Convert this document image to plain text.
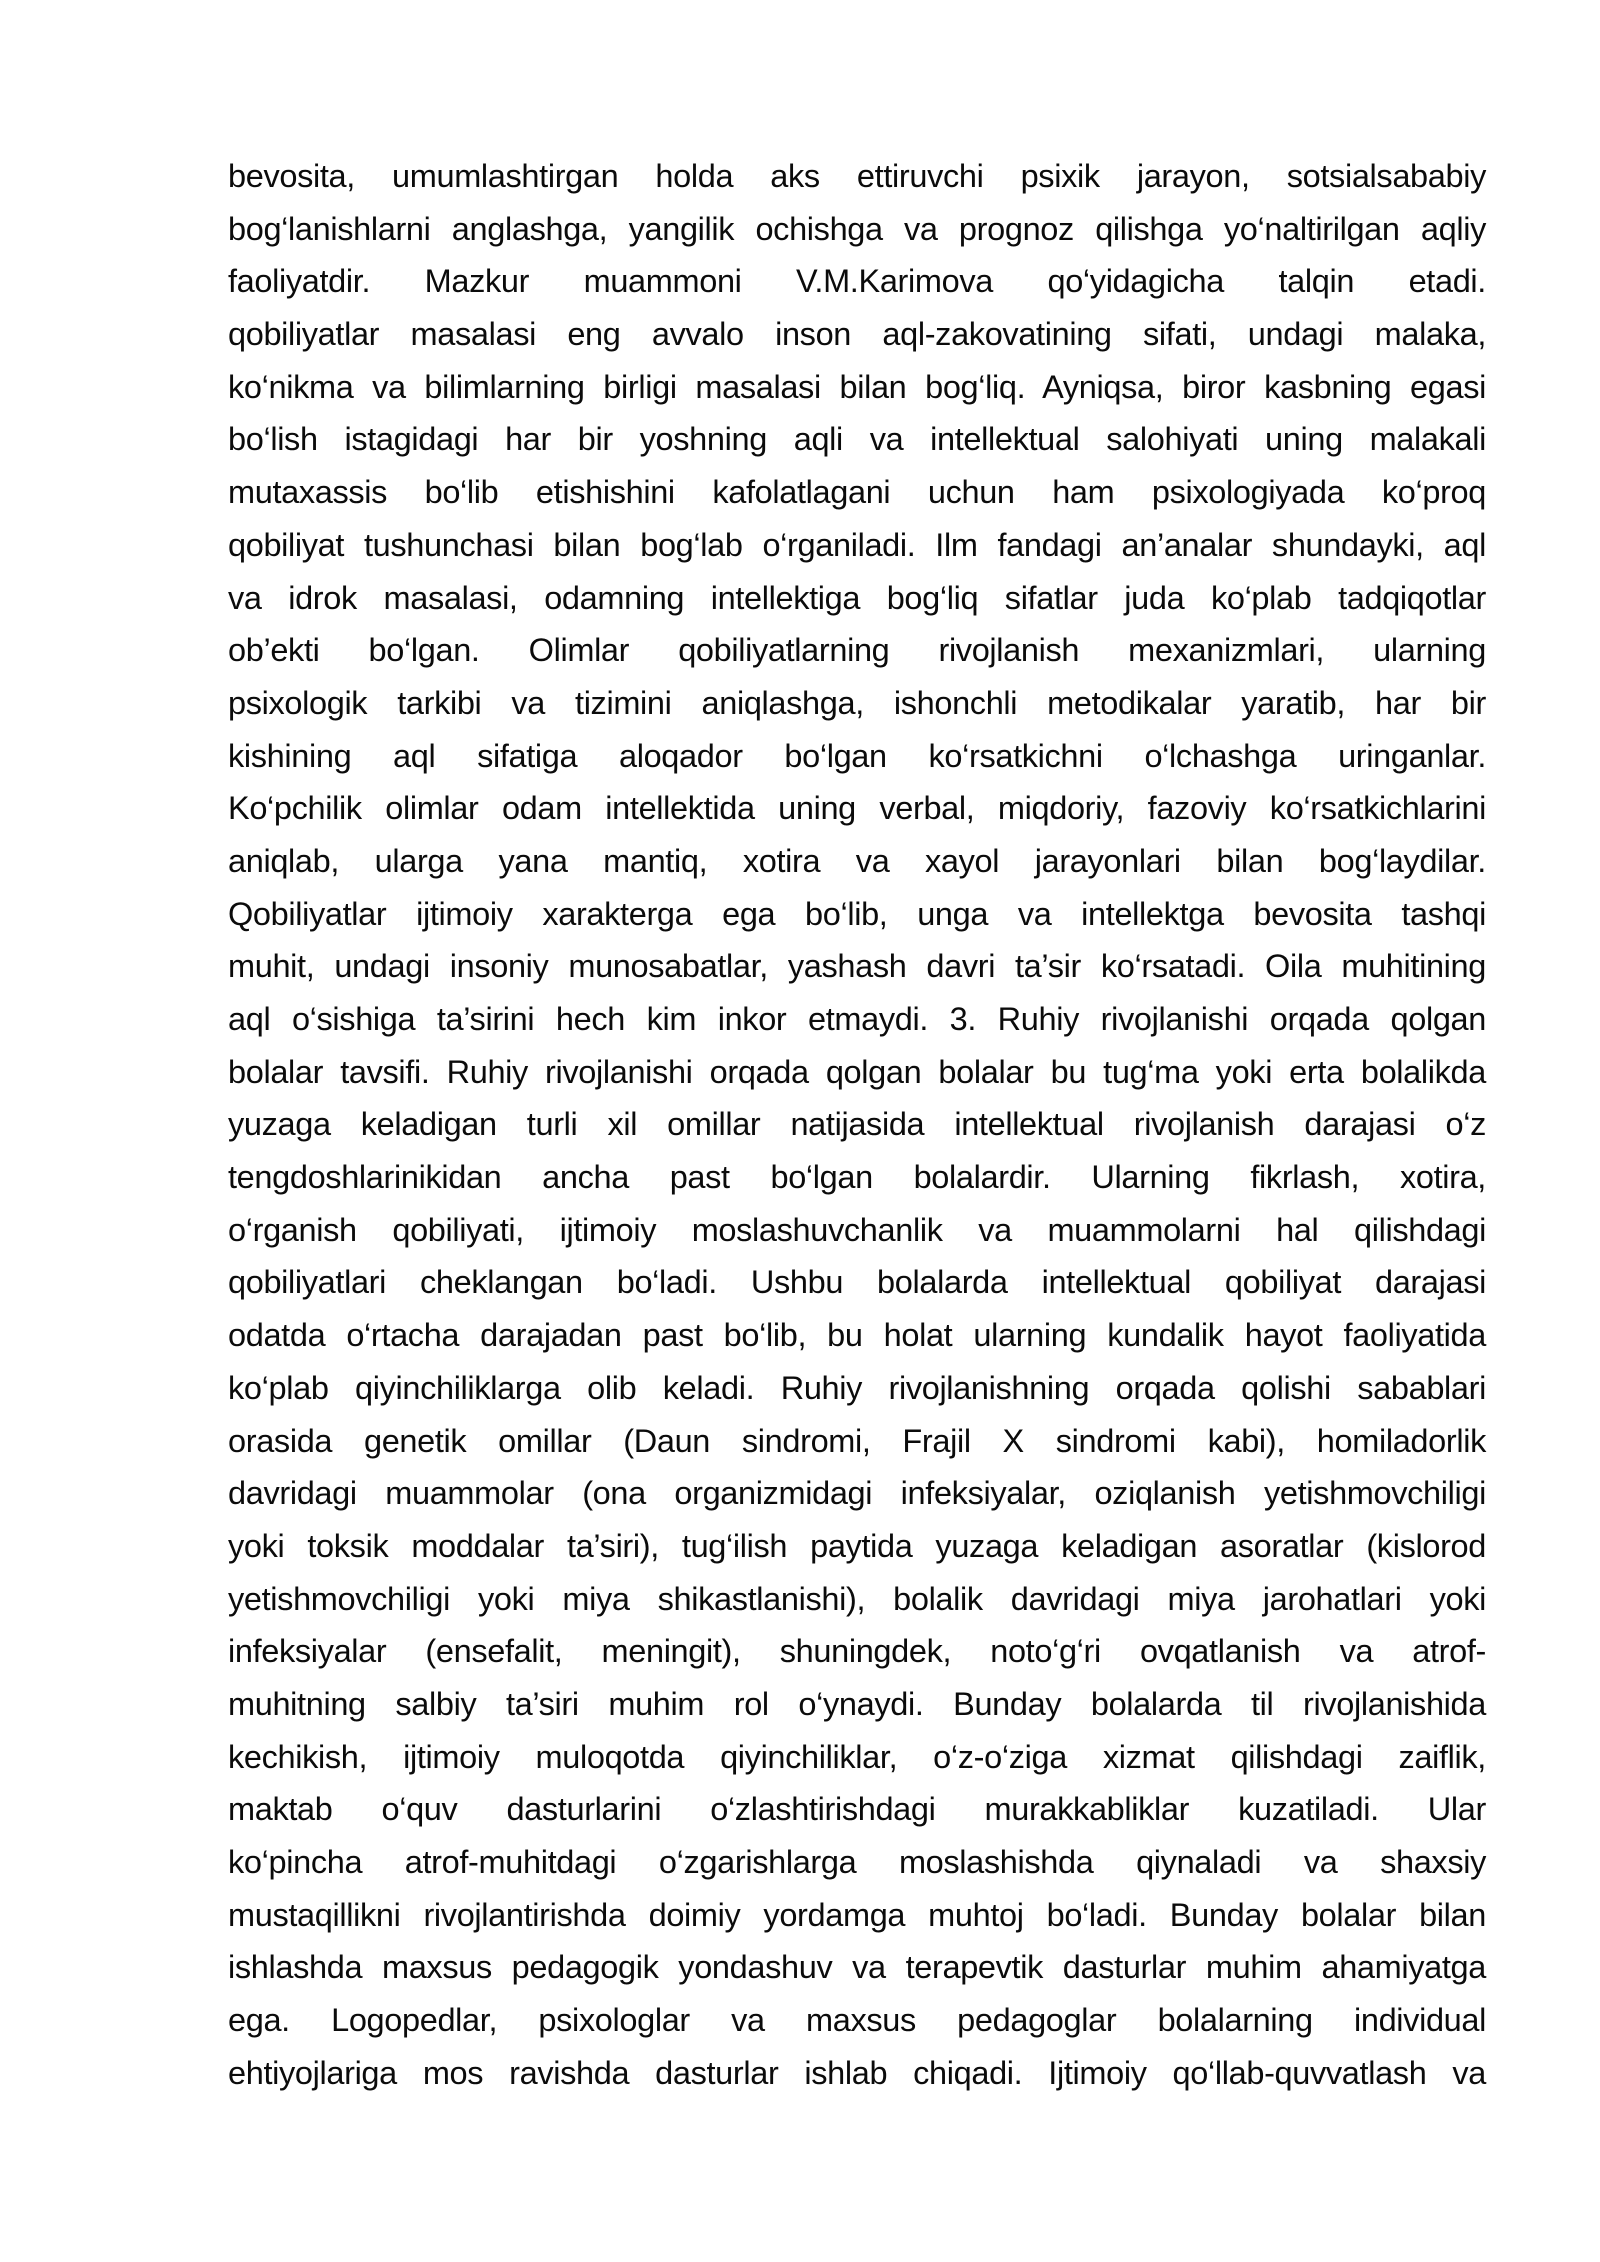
bevosita, umumlashtirgan holda aks ettiruvchi psixik jarayon, sotsialsababiy
bog‘lanishlarni anglashga, yangilik ochishga va prognoz qilishga yo‘naltirilgan aqliy
faoliyatdir. Mazkur muammoni V.M.Karimova qo‘yidagicha talqin etadi.
qobiliyatlar masalasi eng avvalo inson aql-zakovatining sifati, undagi malaka,
ko‘nikma va bilimlarning birligi masalasi bilan bog‘liq. Ayniqsa, biror kasbning egasi
bo‘lish istagidagi har bir yoshning aqli va intellektual salohiyati uning malakali
mutaxassis bo‘lib etishishini kafolatlagani uchun ham psixologiyada ko‘proq
qobiliyat tushunchasi bilan bog‘lab o‘rganiladi. Ilm fandagi an’analar shundayki, aql
va idrok masalasi, odamning intellektiga bog‘liq sifatlar juda ko‘plab tadqiqotlar
ob’ekti bo‘lgan. Olimlar qobiliyatlarning rivojlanish mexanizmlari, ularning
psixologik tarkibi va tizimini aniqlashga, ishonchli metodikalar yaratib, har bir
kishining aql sifatiga aloqador bo‘lgan ko‘rsatkichni o‘lchashga uringanlar.
Ko‘pchilik olimlar odam intellektida uning verbal, miqdoriy, fazoviy ko‘rsatkichlarini
aniqlab, ularga yana mantiq, xotira va xayol jarayonlari bilan bog‘laydilar.
Qobiliyatlar ijtimoiy xarakterga ega bo‘lib, unga va intellektga bevosita tashqi
muhit, undagi insoniy munosabatlar, yashash davri ta’sir ko‘rsatadi. Oila muhitining
aql o‘sishiga ta’sirini hech kim inkor etmaydi. 3. Ruhiy rivojlanishi orqada qolgan
bolalar tavsifi. Ruhiy rivojlanishi orqada qolgan bolalar bu tug‘ma yoki erta bolalikda
yuzaga keladigan turli xil omillar natijasida intellektual rivojlanish darajasi o‘z
tengdoshlarinikidan ancha past bo‘lgan bolalardir. Ularning fikrlash, xotira,
o‘rganish qobiliyati, ijtimoiy moslashuvchanlik va muammolarni hal qilishdagi
qobiliyatlari cheklangan bo‘ladi. Ushbu bolalarda intellektual qobiliyat darajasi
odatda o‘rtacha darajadan past bo‘lib, bu holat ularning kundalik hayot faoliyatida
ko‘plab qiyinchiliklarga olib keladi. Ruhiy rivojlanishning orqada qolishi sabablari
orasida genetik omillar (Daun sindromi, Frajil X sindromi kabi), homiladorlik
davridagi muammolar (ona organizmidagi infeksiyalar, oziqlanish yetishmovchiligi
yoki toksik moddalar ta’siri), tug‘ilish paytida yuzaga keladigan asoratlar (kislorod
yetishmovchiligi yoki miya shikastlanishi), bolalik davridagi miya jarohatlari yoki
infeksiyalar (ensefalit, meningit), shuningdek, noto‘g‘ri ovqatlanish va atrof-
muhitning salbiy ta’siri muhim rol o‘ynaydi. Bunday bolalarda til rivojlanishida
kechikish, ijtimoiy muloqotda qiyinchiliklar, o‘z-o‘ziga xizmat qilishdagi zaiflik,
maktab o‘quv dasturlarini o‘zlashtirishdagi murakkabliklar kuzatiladi. Ular
ko‘pincha atrof-muhitdagi o‘zgarishlarga moslashishda qiynaladi va shaxsiy
mustaqillikni rivojlantirishda doimiy yordamga muhtoj bo‘ladi. Bunday bolalar bilan
ishlashda maxsus pedagogik yondashuv va terapevtik dasturlar muhim ahamiyatga
ega. Logopedlar, psixologlar va maxsus pedagoglar bolalarning individual
ehtiyojlariga mos ravishda dasturlar ishlab chiqadi. Ijtimoiy qo‘llab-quvvatlash va
